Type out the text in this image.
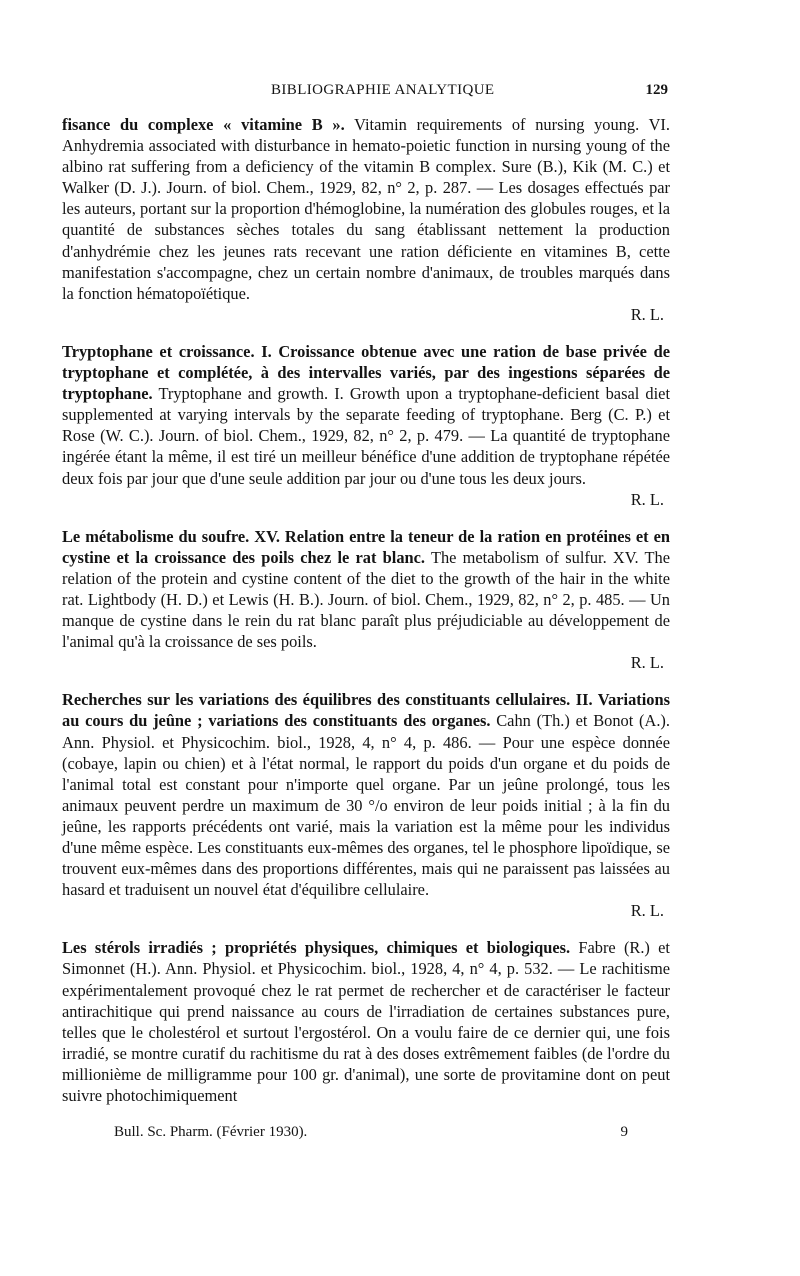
BIBLIOGRAPHIE ANALYTIQUE	129

fisance du complexe « vitamine B ». Vitamin requirements of nursing young. VI. Anhydremia associated with disturbance in hemato-poietic function in nursing young of the albino rat suffering from a deficiency of the vitamin B complex. Sure (B.), Kik (M. C.) et Walker (D. J.). Journ. of biol. Chem., 1929, 82, n° 2, p. 287. — Les dosages effectués par les auteurs, portant sur la proportion d'hémoglobine, la numération des globules rouges, et la quantité de substances sèches totales du sang établissant nettement la production d'anhydrémie chez les jeunes rats recevant une ration déficiente en vitamines B, cette manifestation s'accompagne, chez un certain nombre d'animaux, de troubles marqués dans la fonction hématopoïétique.
R. L.

Tryptophane et croissance. I. Croissance obtenue avec une ration de base privée de tryptophane et complétée, à des intervalles variés, par des ingestions séparées de tryptophane. Tryptophane and growth. I. Growth upon a tryptophane-deficient basal diet supplemented at varying intervals by the separate feeding of tryptophane. Berg (C. P.) et Rose (W. C.). Journ. of biol. Chem., 1929, 82, n° 2, p. 479. — La quantité de tryptophane ingérée étant la même, il est tiré un meilleur bénéfice d'une addition de tryptophane répétée deux fois par jour que d'une seule addition par jour ou d'une tous les deux jours.
R. L.

Le métabolisme du soufre. XV. Relation entre la teneur de la ration en protéines et en cystine et la croissance des poils chez le rat blanc. The metabolism of sulfur. XV. The relation of the protein and cystine content of the diet to the growth of the hair in the white rat. Lightbody (H. D.) et Lewis (H. B.). Journ. of biol. Chem., 1929, 82, n° 2, p. 485. — Un manque de cystine dans le rein du rat blanc paraît plus préjudiciable au développement de l'animal qu'à la croissance de ses poils.
R. L.

Recherches sur les variations des équilibres des constituants cellulaires. II. Variations au cours du jeûne ; variations des constituants des organes. Cahn (Th.) et Bonot (A.). Ann. Physiol. et Physicochim. biol., 1928, 4, n° 4, p. 486. — Pour une espèce donnée (cobaye, lapin ou chien) et à l'état normal, le rapport du poids d'un organe et du poids de l'animal total est constant pour n'importe quel organe. Par un jeûne prolongé, tous les animaux peuvent perdre un maximum de 30 °/o environ de leur poids initial ; à la fin du jeûne, les rapports précédents ont varié, mais la variation est la même pour les individus d'une même espèce. Les constituants eux-mêmes des organes, tel le phosphore lipoïdique, se trouvent eux-mêmes dans des proportions différentes, mais qui ne paraissent pas laissées au hasard et traduisent un nouvel état d'équilibre cellulaire.
R. L.

Les stérols irradiés ; propriétés physiques, chimiques et biologiques. Fabre (R.) et Simonnet (H.). Ann. Physiol. et Physicochim. biol., 1928, 4, n° 4, p. 532. — Le rachitisme expérimentalement provoqué chez le rat permet de rechercher et de caractériser le facteur antirachitique qui prend naissance au cours de l'irradiation de certaines substances pure, telles que le cholestérol et surtout l'ergostérol. On a voulu faire de ce dernier qui, une fois irradié, se montre curatif du rachitisme du rat à des doses extrêmement faibles (de l'ordre du millionième de milligramme pour 100 gr. d'animal), une sorte de provitamine dont on peut suivre photochimiquement

Bull. Sc. Pharm. (Février 1930).	9
